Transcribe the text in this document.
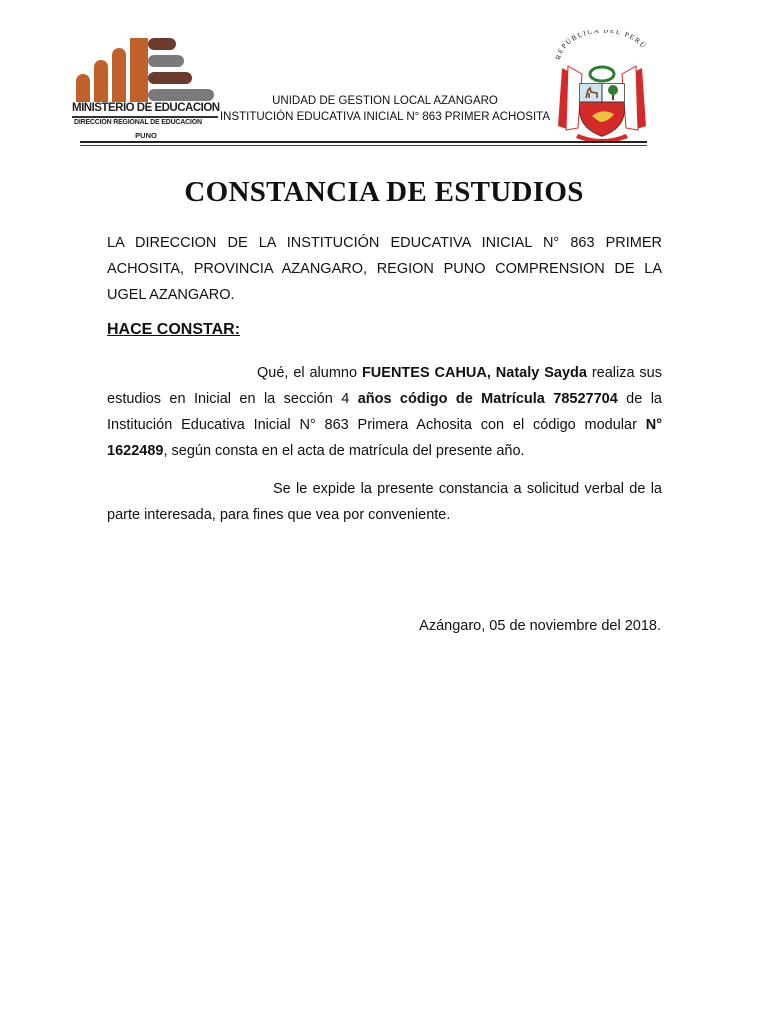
MINISTERIO DE EDUCACION
DIRECCION REGIONAL DE EDUCACION
PUNO
UNIDAD DE GESTION LOCAL AZANGARO
INSTITUCIÓN EDUCATIVA INICIAL N° 863 PRIMER ACHOSITA
REPÚBLICA DEL PERÚ
CONSTANCIA DE ESTUDIOS
LA DIRECCION DE LA INSTITUCIÓN EDUCATIVA INICIAL N° 863 PRIMER ACHOSITA, PROVINCIA AZANGARO, REGION PUNO COMPRENSION DE LA UGEL AZANGARO.
HACE CONSTAR:
Qué, el alumno FUENTES CAHUA, Nataly Sayda realiza sus estudios en Inicial en la sección 4 años código de Matrícula 78527704 de la Institución Educativa Inicial N° 863 Primera Achosita con el código modular N° 1622489, según consta en el acta de matrícula del presente año.
Se le expide la presente constancia a solicitud verbal de la parte interesada, para fines que vea por conveniente.
Azángaro, 05 de noviembre del 2018.
